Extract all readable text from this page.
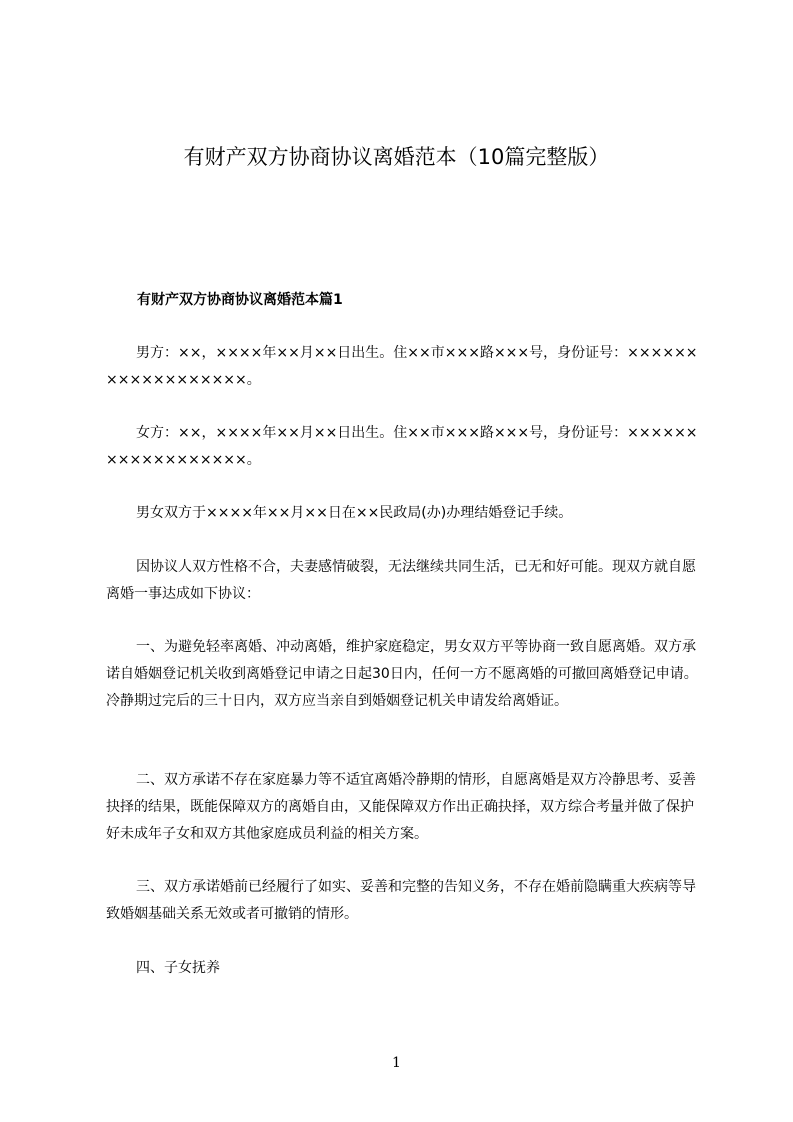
有财产双方协商协议离婚范本（10篇完整版）
有财产双方协商协议离婚范本篇1
男方：××，××××年××月××日出生。住××市×××路×××号，身份证号：××××××××××××××××××。
女方：××，××××年××月××日出生。住××市×××路×××号，身份证号：××××××××××××××××××。
男女双方于××××年××月××日在××民政局(办)办理结婚登记手续。
因协议人双方性格不合，夫妻感情破裂，无法继续共同生活，已无和好可能。现双方就自愿离婚一事达成如下协议：
一、为避免轻率离婚、冲动离婚，维护家庭稳定，男女双方平等协商一致自愿离婚。双方承诺自婚姻登记机关收到离婚登记申请之日起30日内，任何一方不愿离婚的可撤回离婚登记申请。冷静期过完后的三十日内，双方应当亲自到婚姻登记机关申请发给离婚证。
二、双方承诺不存在家庭暴力等不适宜离婚冷静期的情形，自愿离婚是双方冷静思考、妥善抉择的结果，既能保障双方的离婚自由，又能保障双方作出正确抉择，双方综合考量并做了保护好未成年子女和双方其他家庭成员利益的相关方案。
三、双方承诺婚前已经履行了如实、妥善和完整的告知义务，不存在婚前隐瞒重大疾病等导致婚姻基础关系无效或者可撤销的情形。
四、子女抚养
1
